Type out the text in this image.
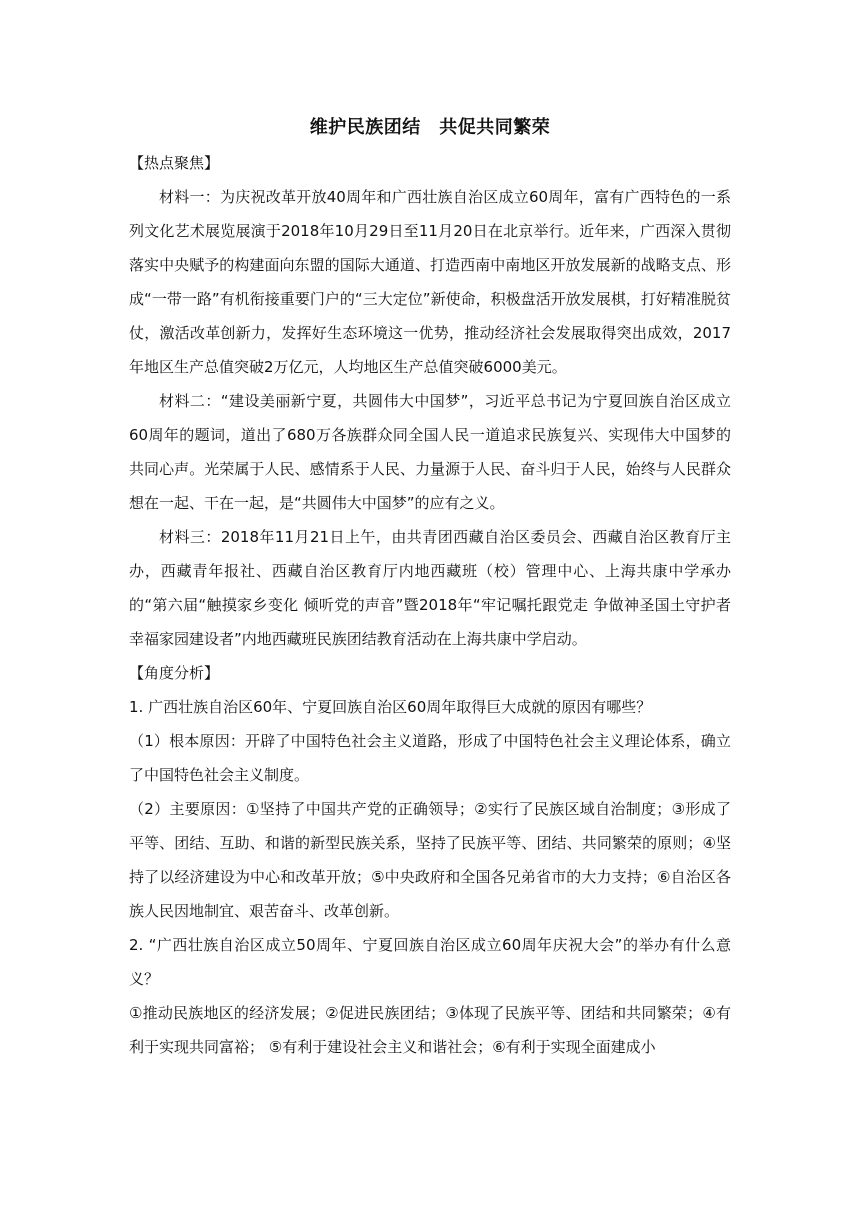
维护民族团结　共促共同繁荣

【热点聚焦】

材料一：为庆祝改革开放40周年和广西壮族自治区成立60周年，富有广西特色的一系列文化艺术展览展演于2018年10月29日至11月20日在北京举行。近年来，广西深入贯彻落实中央赋予的构建面向东盟的国际大通道、打造西南中南地区开放发展新的战略支点、形成“一带一路”有机衔接重要门户的“三大定位”新使命，积极盘活开放发展棋，打好精准脱贫仗，激活改革创新力，发挥好生态环境这一优势，推动经济社会发展取得突出成效，2017年地区生产总值突破2万亿元，人均地区生产总值突破6000美元。

材料二：“建设美丽新宁夏，共圆伟大中国梦”，习近平总书记为宁夏回族自治区成立60周年的题词，道出了680万各族群众同全国人民一道追求民族复兴、实现伟大中国梦的共同心声。光荣属于人民、感情系于人民、力量源于人民、奋斗归于人民，始终与人民群众想在一起、干在一起，是“共圆伟大中国梦”的应有之义。

材料三：2018年11月21日上午，由共青团西藏自治区委员会、西藏自治区教育厅主办，西藏青年报社、西藏自治区教育厅内地西藏班（校）管理中心、上海共康中学承办的“第六届“触摸家乡变化 倾听党的声音”暨2018年“牢记嘱托跟党走 争做神圣国土守护者幸福家园建设者”内地西藏班民族团结教育活动在上海共康中学启动。

【角度分析】

1. 广西壮族自治区60年、宁夏回族自治区60周年取得巨大成就的原因有哪些？

（1）根本原因：开辟了中国特色社会主义道路，形成了中国特色社会主义理论体系，确立了中国特色社会主义制度。

（2）主要原因：①坚持了中国共产党的正确领导；②实行了民族区域自治制度；③形成了平等、团结、互助、和谐的新型民族关系，坚持了民族平等、团结、共同繁荣的原则；④坚持了以经济建设为中心和改革开放；⑤中央政府和全国各兄弟省市的大力支持；⑥自治区各族人民因地制宜、艰苦奋斗、改革创新。

2. “广西壮族自治区成立50周年、宁夏回族自治区成立60周年庆祝大会”的举办有什么意义？

①推动民族地区的经济发展；②促进民族团结；③体现了民族平等、团结和共同繁荣；④有利于实现共同富裕； ⑤有利于建设社会主义和谐社会；⑥有利于实现全面建成小
